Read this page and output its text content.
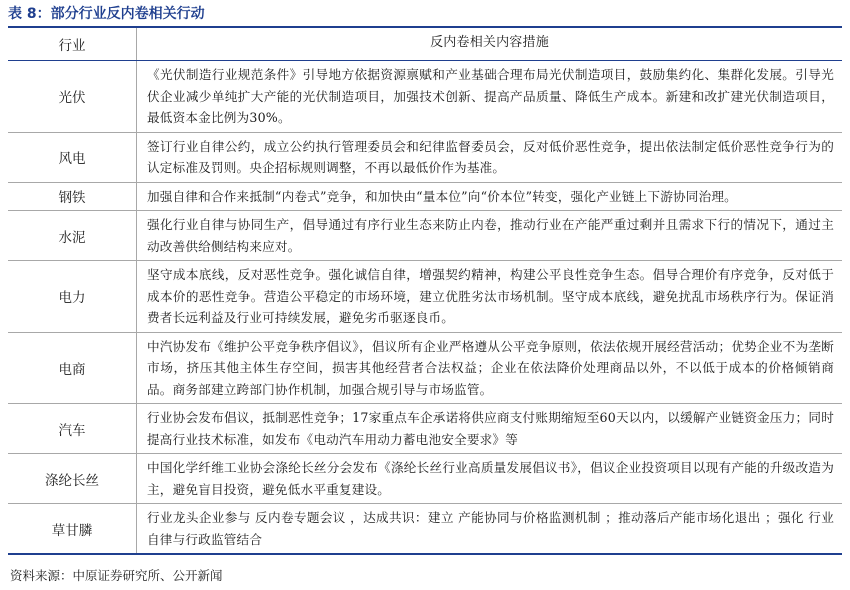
表 8：部分行业反内卷相关行动
行业	反内卷相关内容措施
光伏
《光伏制造行业规范条件》引导地方依据资源禀赋和产业基础合理布局光伏制造项目，鼓励集约化、集群化发展。引导光伏企业减少单纯扩大产能的光伏制造项目，加强技术创新、提高产品质量、降低生产成本。新建和改扩建光伏制造项目，最低资本金比例为30%。
风电
签订行业自律公约，成立公约执行管理委员会和纪律监督委员会，反对低价恶性竞争，提出依法制定低价恶性竞争行为的认定标准及罚则。央企招标规则调整，不再以最低价作为基准。
钢铁	加强自律和合作来抵制“内卷式”竞争，和加快由“量本位”向“价本位”转变，强化产业链上下游协同治理。
水泥
强化行业自律与协同生产，倡导通过有序行业生态来防止内卷，推动行业在产能严重过剩并且需求下行的情况下，通过主动改善供给侧结构来应对。
电力
坚守成本底线，反对恶性竞争。强化诚信自律，增强契约精神，构建公平良性竞争生态。倡导合理价有序竞争，反对低于成本价的恶性竞争。营造公平稳定的市场环境，建立优胜劣汰市场机制。坚守成本底线，避免扰乱市场秩序行为。保证消费者长远利益及行业可持续发展，避免劣币驱逐良币。
电商
中汽协发布《维护公平竞争秩序倡议》，倡议所有企业严格遵从公平竞争原则，依法依规开展经营活动；优势企业不为垄断市场，挤压其他主体生存空间，损害其他经营者合法权益；企业在依法降价处理商品以外，不以低于成本的价格倾销商品。商务部建立跨部门协作机制，加强合规引导与市场监管。
汽车
行业协会发布倡议，抵制恶性竞争；17家重点车企承诺将供应商支付账期缩短至60天以内，以缓解产业链资金压力；同时提高行业技术标准，如发布《电动汽车用动力蓄电池安全要求》等
涤纶长丝
中国化学纤维工业协会涤纶长丝分会发布《涤纶长丝行业高质量发展倡议书》，倡议企业投资项目以现有产能的升级改造为主，避免盲目投资，避免低水平重复建设。
草甘膦
行业龙头企业参与 反内卷专题会议 ，达成共识：建立 产能协同与价格监测机制 ；推动落后产能市场化退出 ；强化 行业自律与行政监管结合
资料来源：中原证券研究所、公开新闻
